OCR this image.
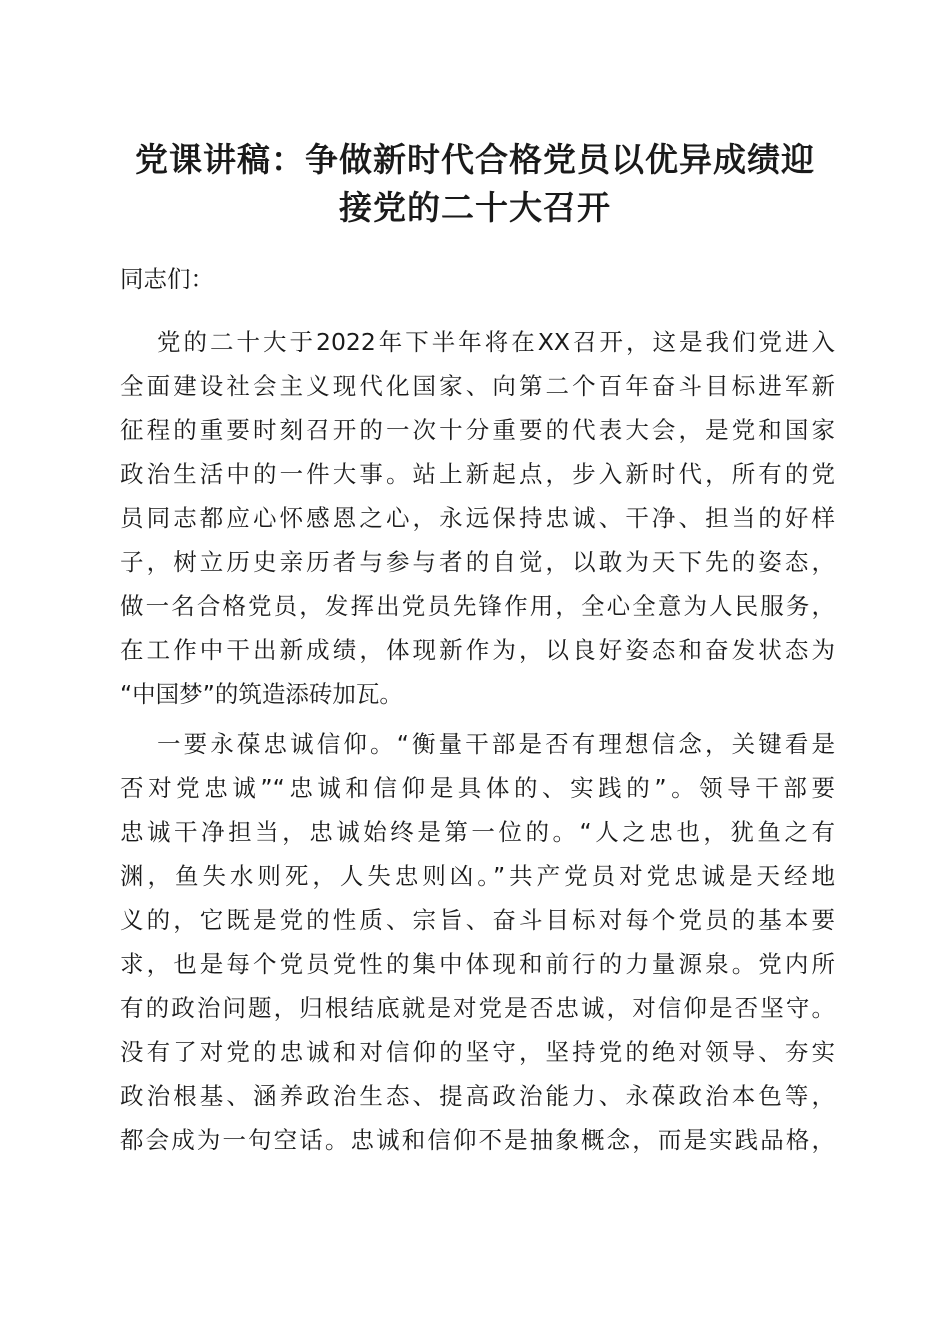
党课讲稿：争做新时代合格党员以优异成绩迎
接党的二十大召开

同志们：

党的二十大于2022年下半年将在XX召开，这是我们党进入

全面建设社会主义现代化国家、向第二个百年奋斗目标进军新

征程的重要时刻召开的一次十分重要的代表大会，是党和国家

政治生活中的一件大事。站上新起点，步入新时代，所有的党

员同志都应心怀感恩之心，永远保持忠诚、干净、担当的好样

子，树立历史亲历者与参与者的自觉，以敢为天下先的姿态，

做一名合格党员，发挥出党员先锋作用，全心全意为人民服务，

在工作中干出新成绩，体现新作为，以良好姿态和奋发状态为

“中国梦”的筑造添砖加瓦。

一要永葆忠诚信仰。“衡量干部是否有理想信念，关键看是

否对党忠诚”“忠诚和信仰是具体的、实践的”。领导干部要

忠诚干净担当，忠诚始终是第一位的。“人之忠也，犹鱼之有

渊，鱼失水则死，人失忠则凶。”共产党员对党忠诚是天经地

义的，它既是党的性质、宗旨、奋斗目标对每个党员的基本要

求，也是每个党员党性的集中体现和前行的力量源泉。党内所

有的政治问题，归根结底就是对党是否忠诚，对信仰是否坚守。

没有了对党的忠诚和对信仰的坚守，坚持党的绝对领导、夯实

政治根基、涵养政治生态、提高政治能力、永葆政治本色等，

都会成为一句空话。忠诚和信仰不是抽象概念，而是实践品格，
